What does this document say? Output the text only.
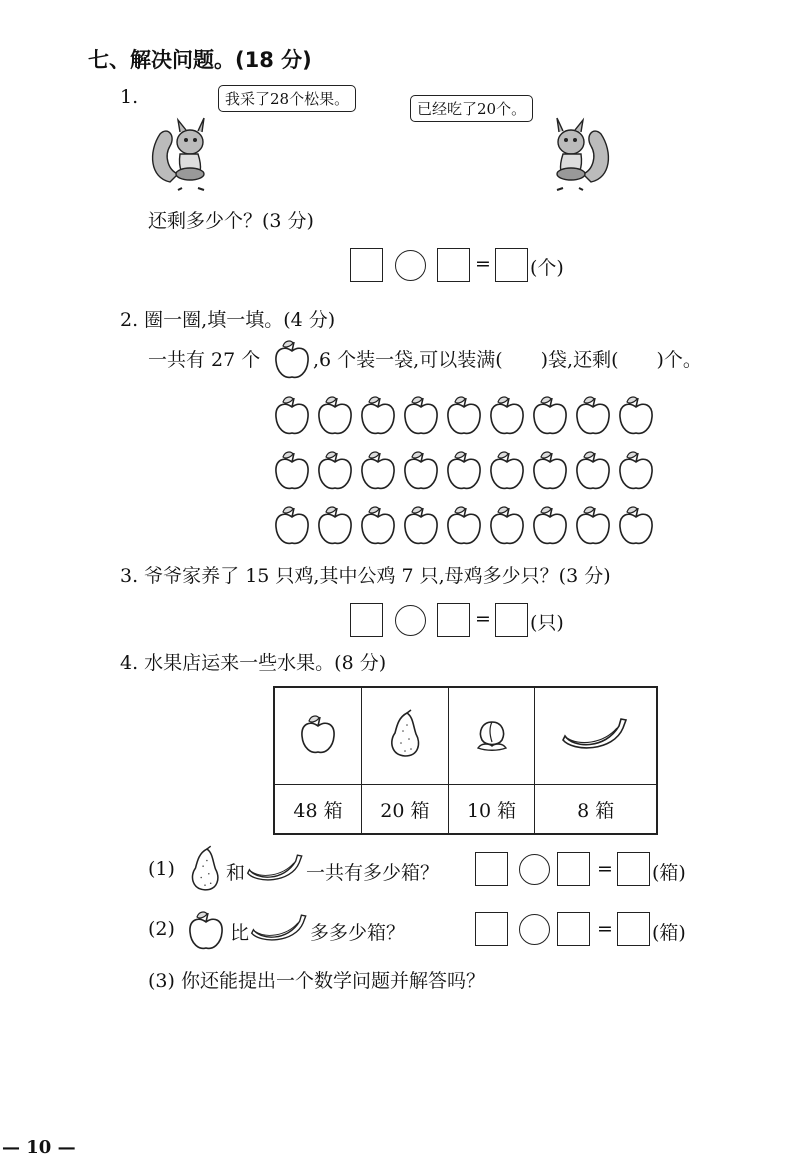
七、解决问题。(18 分)
1.	我采了28个松果。
已经吃了20个。
还剩多少个？(3 分)
= (个)
2. 圈一圈,填一填。(4 分)
一共有 27 个	,6 个装一袋,可以装满(　　)袋,还剩(　　)个。
3. 爷爷家养了 15 只鸡,其中公鸡 7 只,母鸡多少只？(3 分)
= (只)
4. 水果店运来一些水果。(8 分)

48 箱	20 箱	10 箱	8 箱
(1)	和	一共有多少箱？	= (箱)
(2)	比	多多少箱？	= (箱)
(3) 你还能提出一个数学问题并解答吗？
— 10 —
